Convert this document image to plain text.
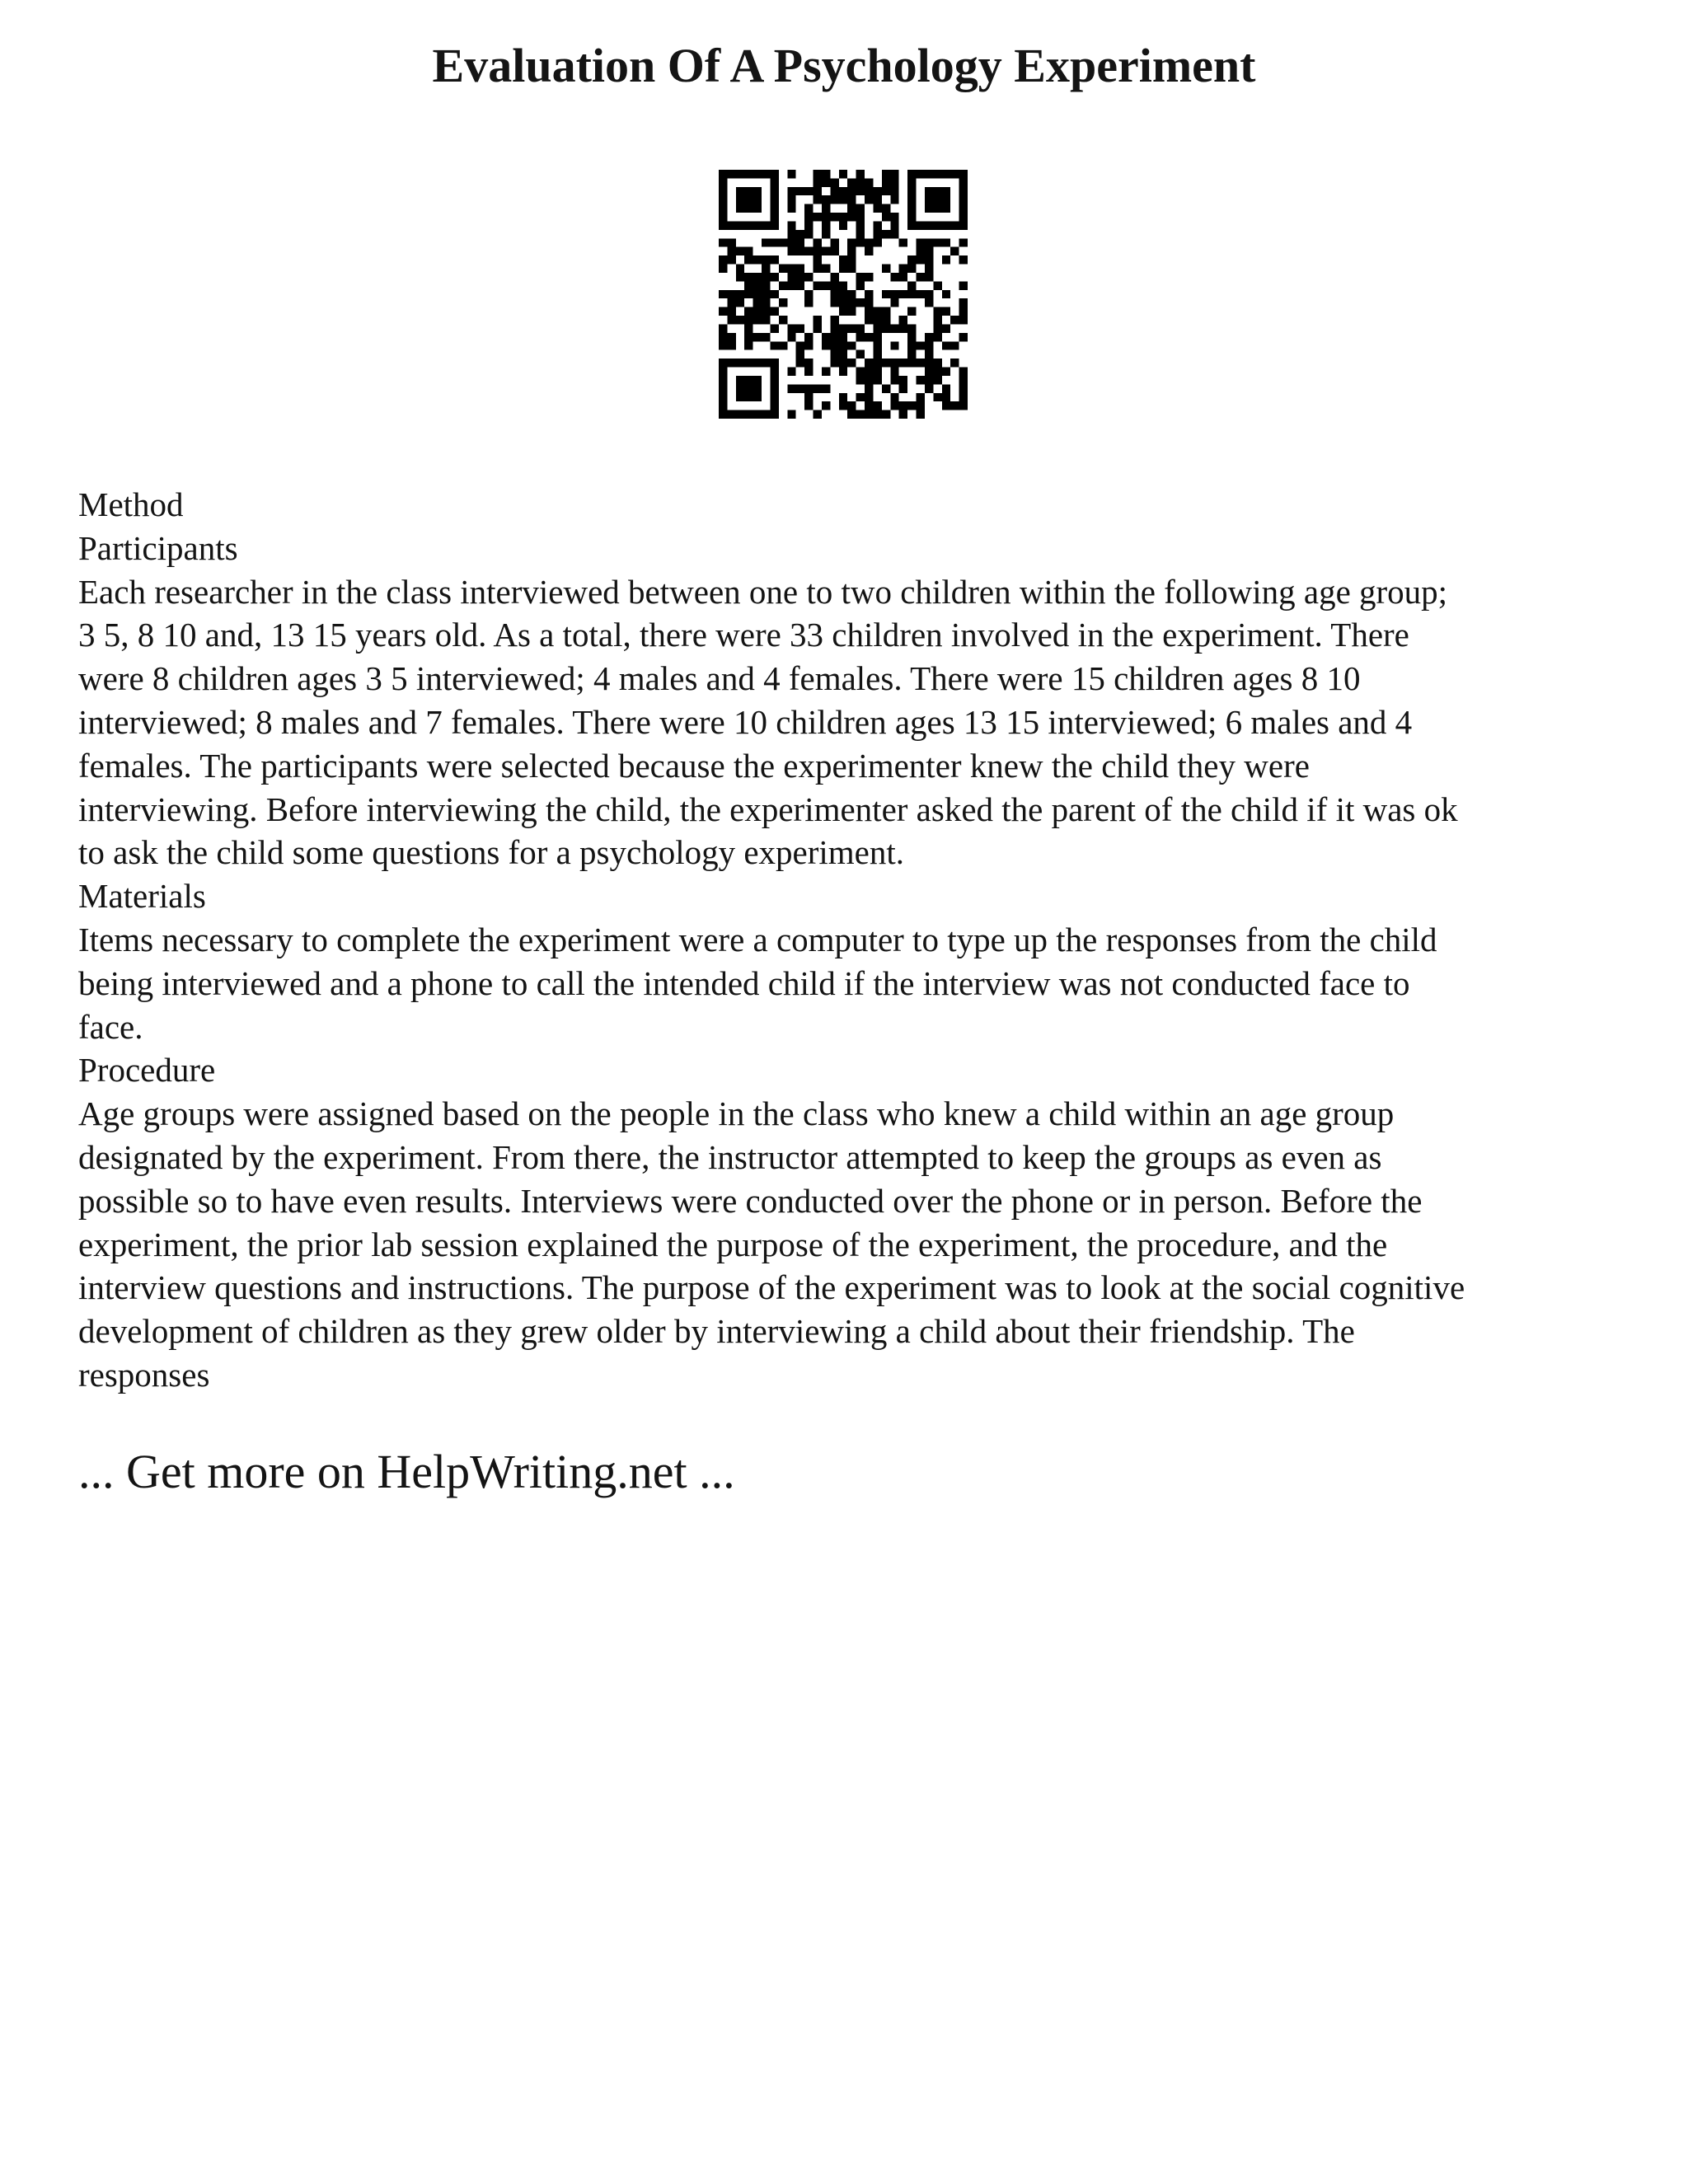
Evaluation Of A Psychology Experiment
Method
Participants
Each researcher in the class interviewed between one to two children within the following age group;
3 5, 8 10 and, 13 15 years old. As a total, there were 33 children involved in the experiment. There
were 8 children ages 3 5 interviewed; 4 males and 4 females. There were 15 children ages 8 10
interviewed; 8 males and 7 females. There were 10 children ages 13 15 interviewed; 6 males and 4
females. The participants were selected because the experimenter knew the child they were
interviewing. Before interviewing the child, the experimenter asked the parent of the child if it was ok
to ask the child some questions for a psychology experiment.
Materials
Items necessary to complete the experiment were a computer to type up the responses from the child
being interviewed and a phone to call the intended child if the interview was not conducted face to
face.
Procedure
Age groups were assigned based on the people in the class who knew a child within an age group
designated by the experiment. From there, the instructor attempted to keep the groups as even as
possible so to have even results. Interviews were conducted over the phone or in person. Before the
experiment, the prior lab session explained the purpose of the experiment, the procedure, and the
interview questions and instructions. The purpose of the experiment was to look at the social cognitive
development of children as they grew older by interviewing a child about their friendship. The
responses
... Get more on HelpWriting.net ...
